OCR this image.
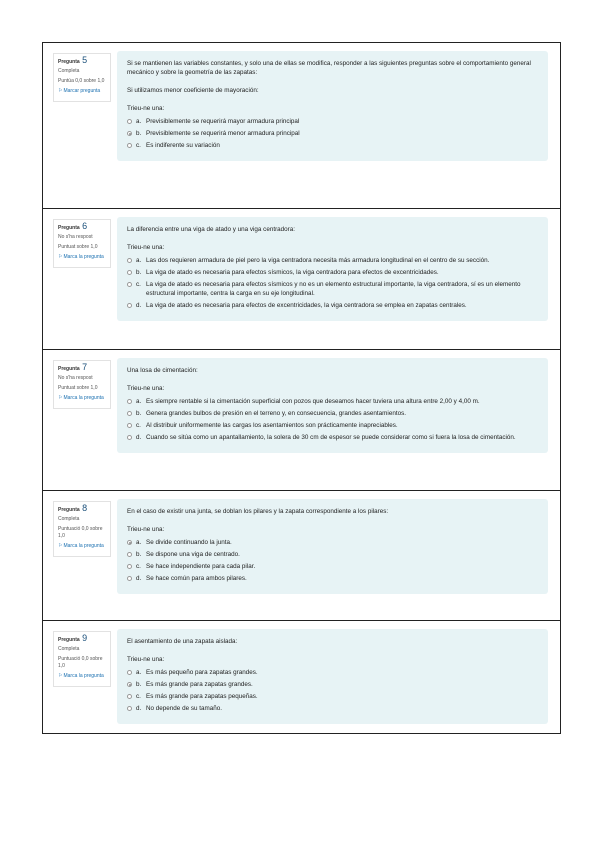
Pregunta 5
Completa
Puntúa 0,0 sobre 1,0
⚐Marcar pregunta
Si se mantienen las variables constantes, y solo una de ellas se modifica, responder a las siguientes preguntas sobre el comportamiento general mecánico y sobre la geometría de las zapatas:
Si utilizamos menor coeficiente de mayoración:
Trieu-ne una:
a. Previsiblemente se requerirá mayor armadura principal
b. Previsiblemente se requerirá menor armadura principal
c. Es indiferente su variación
Pregunta 6
No s'ha respost
Puntuat sobre 1,0
⚐Marca la pregunta
La diferencia entre una viga de atado y una viga centradora:
Trieu-ne una:
a. Las dos requieren armadura de piel pero la viga centradora necesita más armadura longitudinal en el centro de su sección.
b. La viga de atado es necesaria para efectos sísmicos, la viga centradora para efectos de excentricidades.
c. La viga de atado es necesaria para efectos sísmicos y no es un elemento estructural importante, la viga centradora, sí es un elemento estructural importante, centra la carga en su eje longitudinal.
d. La viga de atado es necesaria para efectos de excentricidades, la viga centradora se emplea en zapatas centrales.
Pregunta 7
No s'ha respost
Puntuat sobre 1,0
⚐Marca la pregunta
Una losa de cimentación:
Trieu-ne una:
a. Es siempre rentable si la cimentación superficial con pozos que deseamos hacer tuviera una altura entre 2,00 y 4,00 m.
b. Genera grandes bulbos de presión en el terreno y, en consecuencia, grandes asentamientos.
c. Al distribuir uniformemente las cargas los asentamientos son prácticamente inapreciables.
d. Cuando se sitúa como un apantallamiento, la solera de 30 cm de espesor se puede considerar como si fuera la losa de cimentación.
Pregunta 8
Completa
Puntuació 0,0 sobre 1,0
⚐Marca la pregunta
En el caso de existir una junta, se doblan los pilares y la zapata correspondiente a los pilares:
Trieu-ne una:
a. Se divide continuando la junta.
b. Se dispone una viga de centrado.
c. Se hace independiente para cada pilar.
d. Se hace común para ambos pilares.
Pregunta 9
Completa
Puntuació 0,0 sobre 1,0
⚐Marca la pregunta
El asentamiento de una zapata aislada:
Trieu-ne una:
a. Es más pequeño para zapatas grandes.
b. Es más grande para zapatas grandes.
c. Es más grande para zapatas pequeñas.
d. No depende de su tamaño.
